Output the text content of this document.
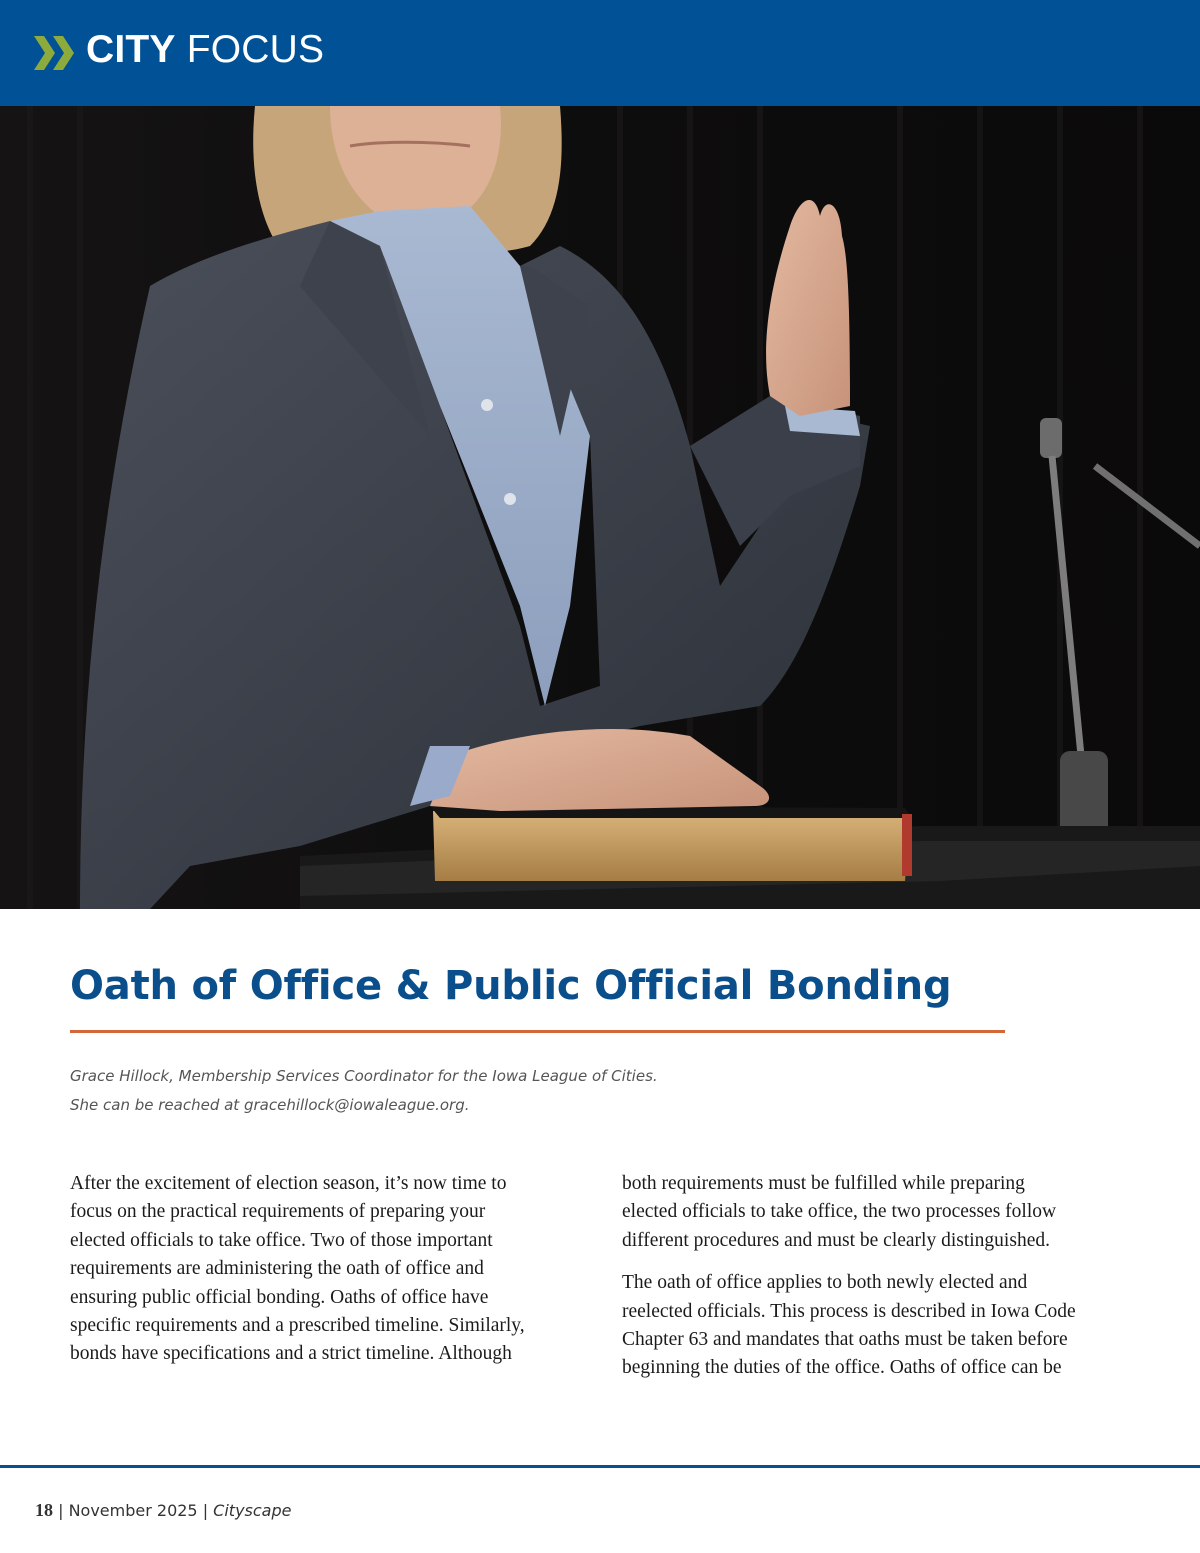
CITY FOCUS
Oath of Office & Public Official Bonding
Grace Hillock, Membership Services Coordinator for the Iowa League of Cities.
She can be reached at gracehillock@iowaleague.org.

After the excitement of election season, it’s now time to
focus on the practical requirements of preparing your
elected officials to take office. Two of those important
requirements are administering the oath of office and
ensuring public official bonding. Oaths of office have
specific requirements and a prescribed timeline. Similarly,
bonds have specifications and a strict timeline. Although

both requirements must be fulfilled while preparing
elected officials to take office, the two processes follow
different procedures and must be clearly distinguished.

The oath of office applies to both newly elected and
reelected officials. This process is described in Iowa Code
Chapter 63 and mandates that oaths must be taken before
beginning the duties of the office. Oaths of office can be

18 | November 2025 | Cityscape
